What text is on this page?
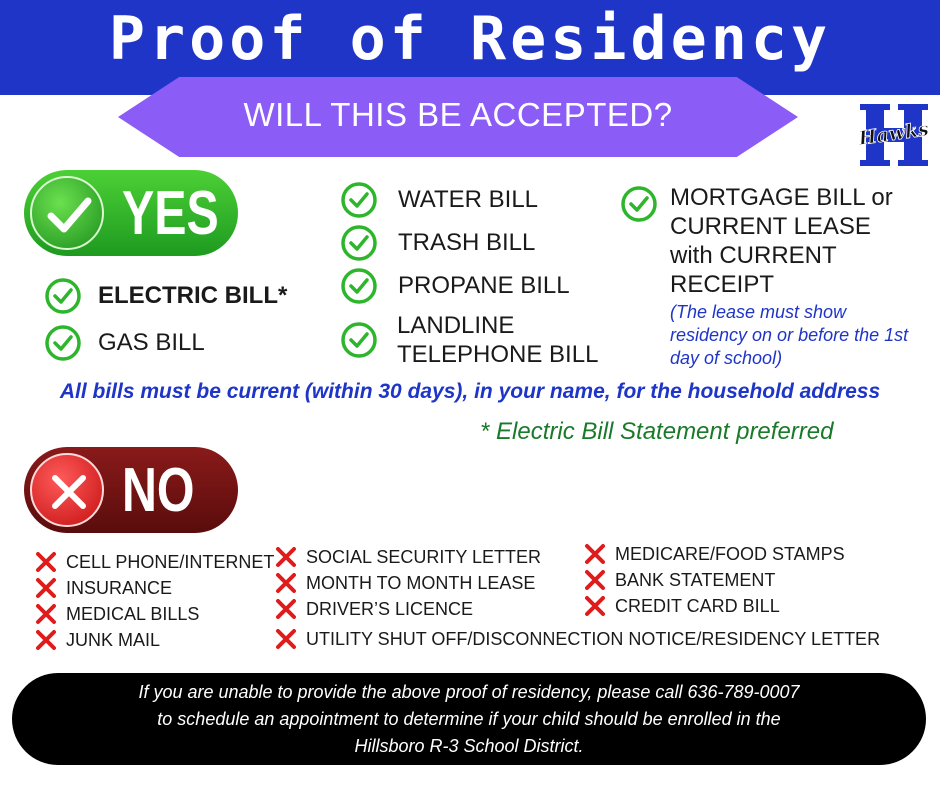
Proof of Residency
WILL THIS BE ACCEPTED?
Hawks
YES
ELECTRIC BILL*
GAS BILL
WATER BILL
TRASH BILL
PROPANE BILL
LANDLINE TELEPHONE BILL
MORTGAGE BILL or CURRENT LEASE with CURRENT RECEIPT
(The lease must show residency on or before the 1st day of school)
All bills must be current (within 30 days), in your name, for the household address
* Electric Bill Statement preferred
NO
CELL PHONE/INTERNET
INSURANCE
MEDICAL BILLS
JUNK MAIL
SOCIAL SECURITY LETTER
MONTH TO MONTH LEASE
DRIVER’S LICENCE
UTILITY SHUT OFF/DISCONNECTION NOTICE/RESIDENCY LETTER
MEDICARE/FOOD STAMPS
BANK STATEMENT
CREDIT CARD BILL
If you are unable to provide the above proof of residency, please call 636-789-0007 to schedule an appointment to determine if your child should be enrolled in the Hillsboro R-3 School District.
